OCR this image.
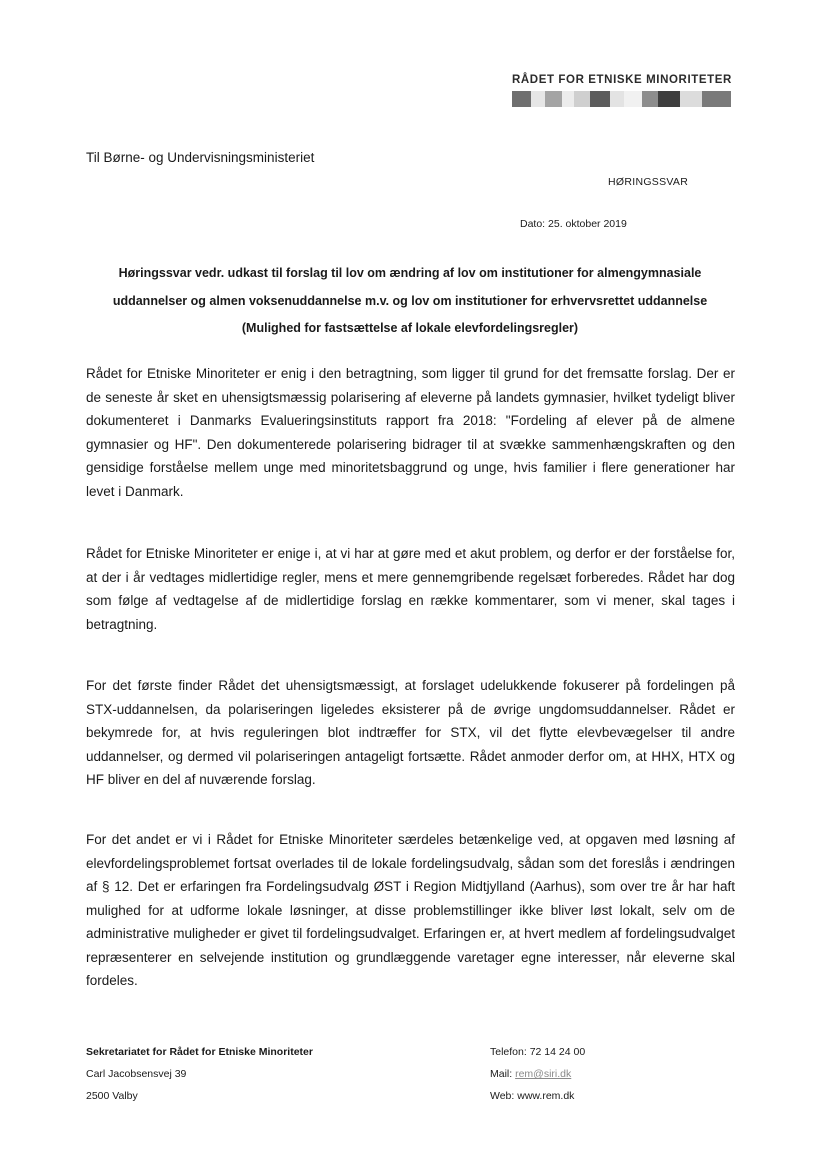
RÅDET FOR ETNISKE MINORITETER
Til Børne- og Undervisningsministeriet
HØRINGSSVAR
Dato: 25. oktober 2019
Høringssvar vedr. udkast til forslag til lov om ændring af lov om institutioner for almengymnasiale uddannelser og almen voksenuddannelse m.v. og lov om institutioner for erhvervsrettet uddannelse (Mulighed for fastsættelse af lokale elevfordelingsregler)

Rådet for Etniske Minoriteter er enig i den betragtning, som ligger til grund for det fremsatte forslag. Der er de seneste år sket en uhensigtsmæssig polarisering af eleverne på landets gymnasier, hvilket tydeligt bliver dokumenteret i Danmarks Evalueringsinstituts rapport fra 2018: "Fordeling af elever på de almene gymnasier og HF". Den dokumenterede polarisering bidrager til at svække sammenhængskraften og den gensidige forståelse mellem unge med minoritetsbaggrund og unge, hvis familier i flere generationer har levet i Danmark.

Rådet for Etniske Minoriteter er enige i, at vi har at gøre med et akut problem, og derfor er der forståelse for, at der i år vedtages midlertidige regler, mens et mere gennemgribende regelsæt forberedes. Rådet har dog som følge af vedtagelse af de midlertidige forslag en række kommentarer, som vi mener, skal tages i betragtning.

For det første finder Rådet det uhensigtsmæssigt, at forslaget udelukkende fokuserer på fordelingen på STX-uddannelsen, da polariseringen ligeledes eksisterer på de øvrige ungdomsuddannelser. Rådet er bekymrede for, at hvis reguleringen blot indtræffer for STX, vil det flytte elevbevægelser til andre uddannelser, og dermed vil polariseringen antageligt fortsætte. Rådet anmoder derfor om, at HHX, HTX og HF bliver en del af nuværende forslag.

For det andet er vi i Rådet for Etniske Minoriteter særdeles betænkelige ved, at opgaven med løsning af elevfordelingsproblemet fortsat overlades til de lokale fordelingsudvalg, sådan som det foreslås i ændringen af § 12. Det er erfaringen fra Fordelingsudvalg ØST i Region Midtjylland (Aarhus), som over tre år har haft mulighed for at udforme lokale løsninger, at disse problemstillinger ikke bliver løst lokalt, selv om de administrative muligheder er givet til fordelingsudvalget. Erfaringen er, at hvert medlem af fordelingsudvalget repræsenterer en selvejende institution og grundlæggende varetager egne interesser, når eleverne skal fordeles.

Sekretariatet for Rådet for Etniske Minoriteter
Carl Jacobsensvej 39
2500 Valby
Telefon: 72 14 24 00
Mail: rem@siri.dk
Web: www.rem.dk
